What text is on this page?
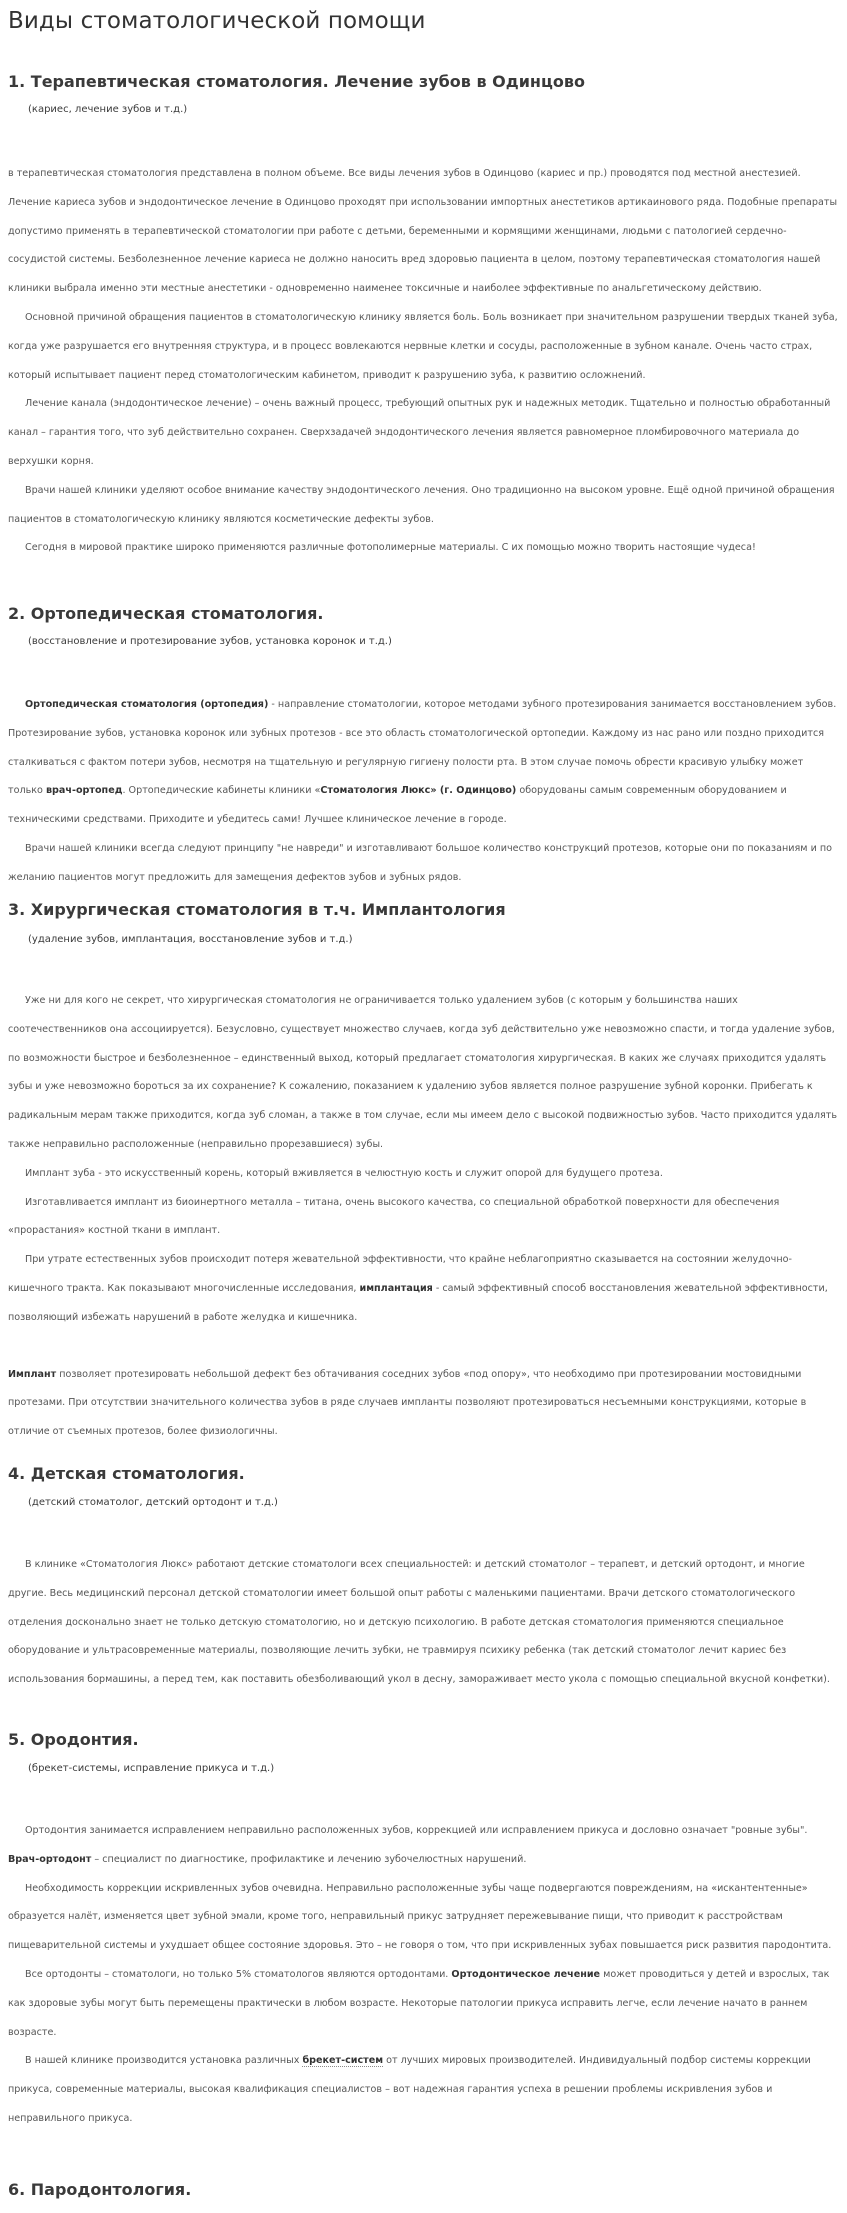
Виды стоматологической помощи
1. Терапевтическая стоматология. Лечение зубов в Одинцово
(кариес, лечение зубов и т.д.)

в терапевтическая стоматология представлена в полном объеме. Все виды лечения зубов в Одинцово (кариес и пр.) проводятся под местной анестезией. Лечение кариеса зубов и эндодонтическое лечение в Одинцово проходят при использовании импортных анестетиков артикаинового ряда. Подобные препараты допустимо применять в терапевтической стоматологии при работе с детьми, беременными и кормящими женщинами, людьми с патологией сердечно-сосудистой системы. Безболезненное лечение кариеса не должно наносить вред здоровью пациента в целом, поэтому терапевтическая стоматология нашей клиники выбрала именно эти местные анестетики - одновременно наименее токсичные и наиболее эффективные по анальгетическому действию.

Основной причиной обращения пациентов в стоматологическую клинику является боль. Боль возникает при значительном разрушении твердых тканей зуба, когда уже разрушается его внутренняя структура, и в процесс вовлекаются нервные клетки и сосуды, расположенные в зубном канале. Очень часто страх, который испытывает пациент перед стоматологическим кабинетом, приводит к разрушению зуба, к развитию осложнений.

Лечение канала (эндодонтическое лечение) – очень важный процесс, требующий опытных рук и надежных методик. Тщательно и полностью обработанный канал – гарантия того, что зуб действительно сохранен. Сверхзадачей эндодонтического лечения является равномерное пломбировочного материала до верхушки корня.

Врачи нашей клиники уделяют особое внимание качеству эндодонтического лечения. Оно традиционно на высоком уровне. Ещё одной причиной обращения пациентов в стоматологическую клинику являются косметические дефекты зубов.

Сегодня в мировой практике широко применяются различные фотополимерные материалы. С их помощью можно творить настоящие чудеса!

2. Ортопедическая стоматология.
(восстановление и протезирование зубов, установка коронок и т.д.)

Ортопедическая стоматология (ортопедия) - направление стоматологии, которое методами зубного протезирования занимается восстановлением зубов. Протезирование зубов, установка коронок или зубных протезов - все это область стоматологической ортопедии. Каждому из нас рано или поздно приходится сталкиваться с фактом потери зубов, несмотря на тщательную и регулярную гигиену полости рта. В этом случае помочь обрести красивую улыбку может только врач-ортопед. Ортопедические кабинеты клиники «Стоматология Люкс» (г. Одинцово) оборудованы самым современным оборудованием и техническими средствами. Приходите и убедитесь сами! Лучшее клиническое лечение в городе.

Врачи нашей клиники всегда следуют принципу "не навреди" и изготавливают большое количество конструкций протезов, которые они по показаниям и по желанию пациентов могут предложить для замещения дефектов зубов и зубных рядов.

3. Хирургическая стоматология в т.ч. Имплантология
(удаление зубов, имплантация, восстановление зубов и т.д.)

Уже ни для кого не секрет, что хирургическая стоматология не ограничивается только удалением зубов (с которым у большинства наших соотечественников она ассоциируется). Безусловно, существует множество случаев, когда зуб действительно уже невозможно спасти, и тогда удаление зубов, по возможности быстрое и безболезненное – единственный выход, который предлагает стоматология хирургическая. В каких же случаях приходится удалять зубы и уже невозможно бороться за их сохранение? К сожалению, показанием к удалению зубов является полное разрушение зубной коронки. Прибегать к радикальным мерам также приходится, когда зуб сломан, а также в том случае, если мы имеем дело с высокой подвижностью зубов. Часто приходится удалять также неправильно расположенные (неправильно прорезавшиеся) зубы.

Имплант зуба - это искусственный корень, который вживляется в челюстную кость и служит опорой для будущего протеза.

Изготавливается имплант из биоинертного металла – титана, очень высокого качества, со специальной обработкой поверхности для обеспечения «прорастания» костной ткани в имплант.

При утрате естественных зубов происходит потеря жевательной эффективности, что крайне неблагоприятно сказывается на состоянии желудочно-кишечного тракта. Как показывают многочисленные исследования, имплантация - самый эффективный способ восстановления жевательной эффективности, позволяющий избежать нарушений в работе желудка и кишечника.

Имплант позволяет протезировать небольшой дефект без обтачивания соседних зубов «под опору», что необходимо при протезировании мостовидными протезами. При отсутствии значительного количества зубов в ряде случаев импланты позволяют протезироваться несъемными конструкциями, которые в отличие от съемных протезов, более физиологичны.

4. Детская стоматология.
(детский стоматолог, детский ортодонт и т.д.)

В клинике «Стоматология Люкс» работают детские стоматологи всех специальностей: и детский стоматолог – терапевт, и детский ортодонт, и многие другие. Весь медицинский персонал детской стоматологии имеет большой опыт работы с маленькими пациентами. Врачи детского стоматологического отделения досконально знает не только детскую стоматологию, но и детскую психологию. В работе детская стоматология применяются специальное оборудование и ультрасовременные материалы, позволяющие лечить зубки, не травмируя психику ребенка (так детский стоматолог лечит кариес без использования бормашины, а перед тем, как поставить обезболивающий укол в десну, замораживает место укола с помощью специальной вкусной конфетки).

5. Ородонтия.
(брекет-системы, исправление прикуса и т.д.)

Ортодонтия занимается исправлением неправильно расположенных зубов, коррекцией или исправлением прикуса и дословно означает "ровные зубы". Врач-ортодонт – специалист по диагностике, профилактике и лечению зубочелюстных нарушений.

Необходимость коррекции искривленных зубов очевидна. Неправильно расположенные зубы чаще подвергаются повреждениям, на «искантентенные» образуется налёт, изменяется цвет зубной эмали, кроме того, неправильный прикус затрудняет пережевывание пищи, что приводит к расстройствам пищеварительной системы и ухудшает общее состояние здоровья. Это – не говоря о том, что при искривленных зубах повышается риск развития пародонтита.

Все ортодонты – стоматологи, но только 5% стоматологов являются ортодонтами. Ортодонтическое лечение может проводиться у детей и взрослых, так как здоровые зубы могут быть перемещены практически в любом возрасте. Некоторые патологии прикуса исправить легче, если лечение начато в раннем возрасте.

В нашей клинике производится установка различных брекет-систем от лучших мировых производителей. Индивидуальный подбор системы коррекции прикуса, современные материалы, высокая квалификация специалистов – вот надежная гарантия успеха в решении проблемы искривления зубов и неправильного прикуса.

6. Пародонтология.
